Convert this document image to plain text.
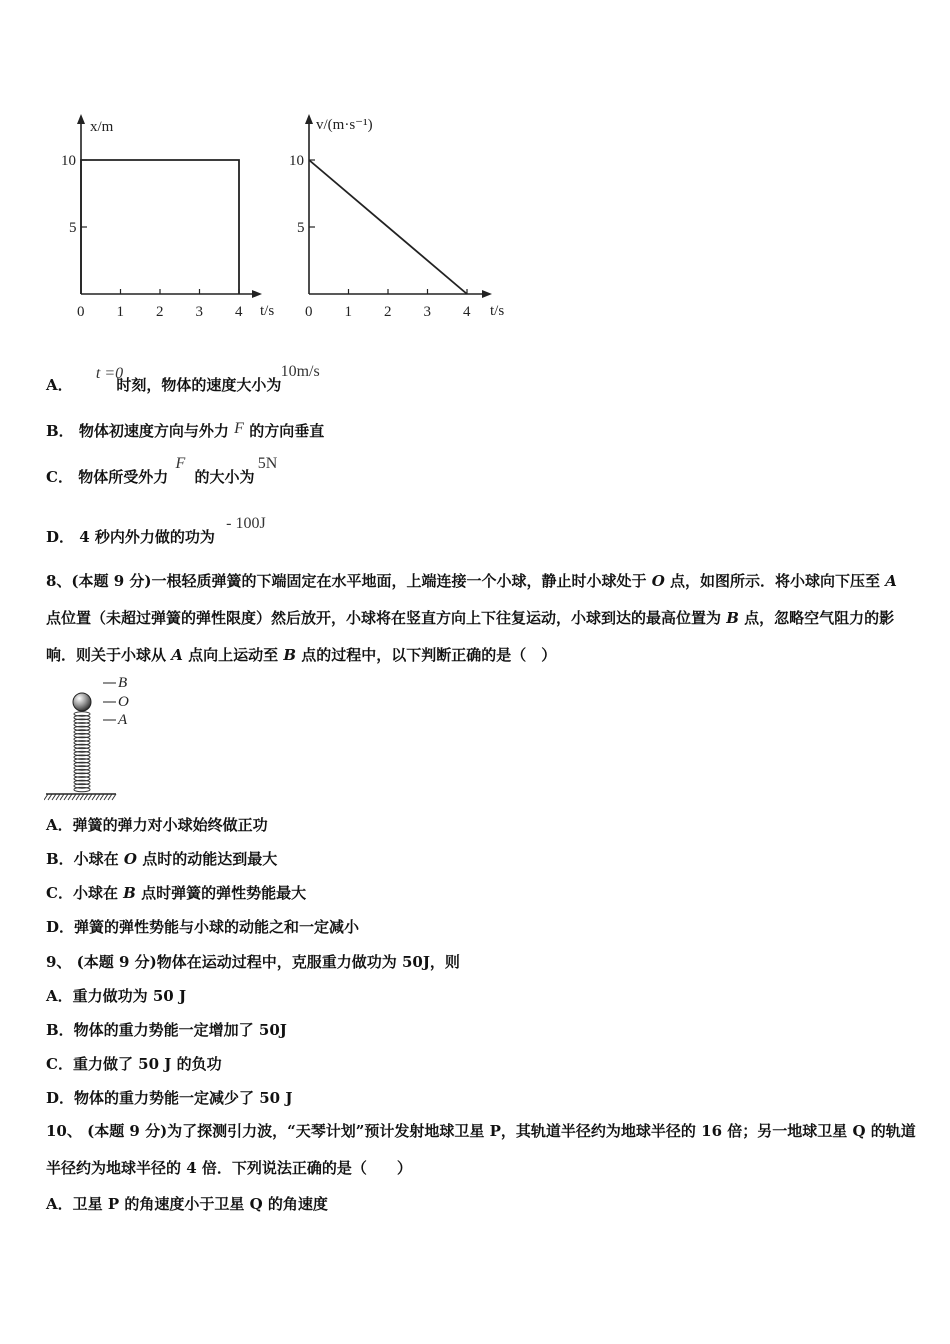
0 1 2 3 4
5
10
x/m
t/s 0 1 2 3 4
5
10
v/(m·s⁻¹)
t/s
A． t =0 时刻，物体的速度大小为 10m/s
B． 物体初速度方向与外力 F 的方向垂直
C． 物体所受外力 F 的大小为 5N
D． 4 秒内外力做的功为 - 100J
8、(本题 9 分)一根轻质弹簧的下端固定在水平地面，上端连接一个小球，静止时小球处于 O 点，如图所示．将小球向下压至 A 点位置（未超过弹簧的弹性限度）然后放开，小球将在竖直方向上下往复运动，小球到达的最高位置为 B 点，忽略空气阻力的影响．则关于小球从 A 点向上运动至 B 点的过程中，以下判断正确的是（　）
B
O
A
A．弹簧的弹力对小球始终做正功
B．小球在 O 点时的动能达到最大
C．小球在 B 点时弹簧的弹性势能最大
D．弹簧的弹性势能与小球的动能之和一定减小
9、 (本题 9 分)物体在运动过程中，克服重力做功为 50J，则
A．重力做功为 50 J
B．物体的重力势能一定增加了 50J
C．重力做了 50 J 的负功
D．物体的重力势能一定减少了 50 J
10、 (本题 9 分)为了探测引力波，“天琴计划”预计发射地球卫星 P，其轨道半径约为地球半径的 16 倍；另一地球卫星 Q 的轨道半径约为地球半径的 4 倍．下列说法正确的是（　　）
A．卫星 P 的角速度小于卫星 Q 的角速度
